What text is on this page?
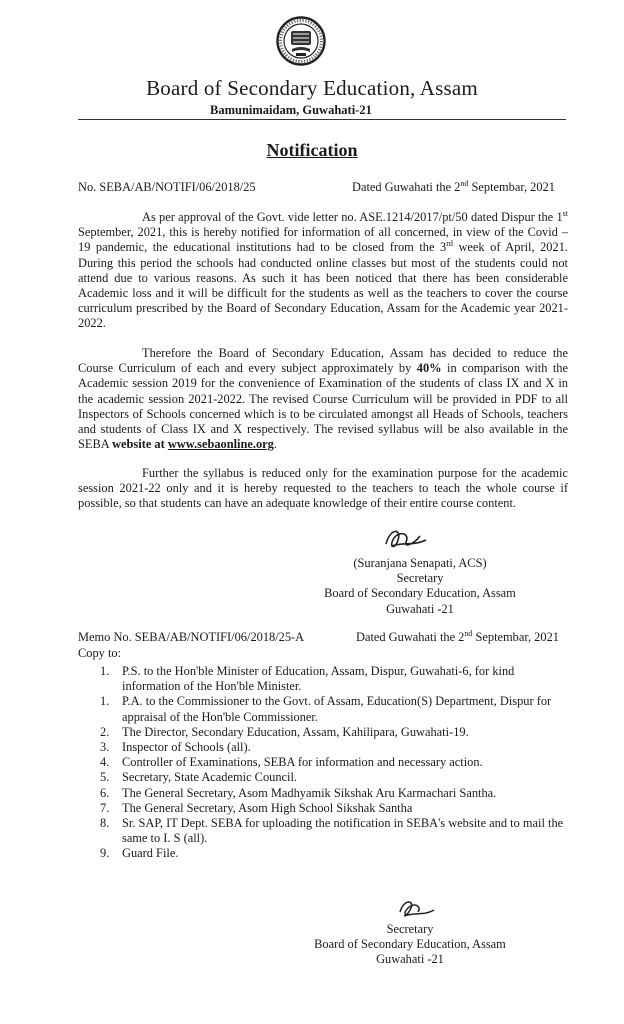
Board of Secondary Education, Assam
Bamunimaidam, Guwahati-21
Notification
No. SEBA/AB/NOTIFI/06/2018/25	Dated Guwahati the 2nd Septembar, 2021
As per approval of the Govt. vide letter no. ASE.1214/2017/pt/50 dated Dispur the 1st September, 2021, this is hereby notified for information of all concerned, in view of the Covid – 19 pandemic, the educational institutions had to be closed from the 3rd week of April, 2021. During this period the schools had conducted online classes but most of the students could not attend due to various reasons. As such it has been noticed that there has been considerable Academic loss and it will be difficult for the students as well as the teachers to cover the course curriculum prescribed by the Board of Secondary Education, Assam for the Academic year 2021-2022.
Therefore the Board of Secondary Education, Assam has decided to reduce the Course Curriculum of each and every subject approximately by 40% in comparison with the Academic session 2019 for the convenience of Examination of the students of class IX and X in the academic session 2021-2022. The revised Course Curriculum will be provided in PDF to all Inspectors of Schools concerned which is to be circulated amongst all Heads of Schools, teachers and students of Class IX and X respectively. The revised syllabus will be also available in the SEBA website at www.sebaonline.org.
Further the syllabus is reduced only for the examination purpose for the academic session 2021-22 only and it is hereby requested to the teachers to teach the whole course if possible, so that students can have an adequate knowledge of their entire course content.
(Suranjana Senapati, ACS)
Secretary
Board of Secondary Education, Assam
Guwahati -21
Memo No. SEBA/AB/NOTIFI/06/2018/25-A	Dated Guwahati the 2nd Septembar, 2021
Copy to:
1. P.S. to the Hon'ble Minister of Education, Assam, Dispur, Guwahati-6, for kind information of the Hon'ble Minister.
1. P.A. to the Commissioner to the Govt. of Assam, Education(S) Department, Dispur for appraisal of the Hon'ble Commissioner.
2. The Director, Secondary Education, Assam, Kahilipara, Guwahati-19.
3. Inspector of Schools (all).
4. Controller of Examinations, SEBA for information and necessary action.
5. Secretary, State Academic Council.
6. The General Secretary, Asom Madhyamik Sikshak Aru Karmachari Santha.
7. The General Secretary, Asom High School Sikshak Santha
8. Sr. SAP, IT Dept. SEBA for uploading the notification in SEBA's website and to mail the same to I. S (all).
9. Guard File.
Secretary
Board of Secondary Education, Assam
Guwahati -21
